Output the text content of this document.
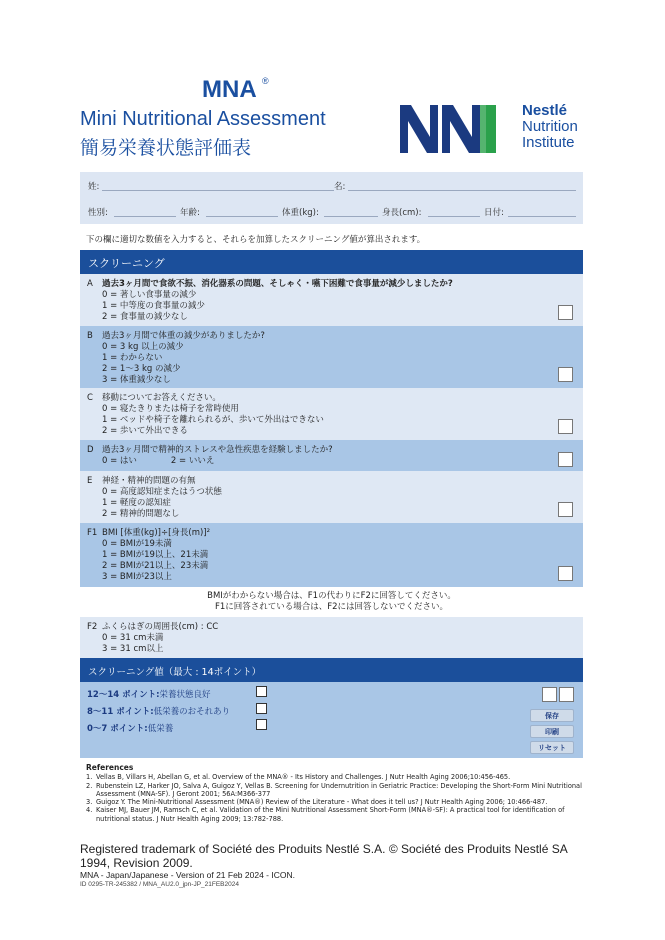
MNA ®
Mini Nutritional Assessment
簡易栄養状態評価表
Nestlé
Nutrition
Institute
姓:	名:
性別:	年齢:	体重(kg):	身長(cm):	日付:
下の欄に適切な数値を入力すると、それらを加算したスクリーニング値が算出されます。
スクリーニング
A 過去3ヶ月間で食欲不振、消化器系の問題、そしゃく・嚥下困難で食事量が減少しましたか?
0 = 著しい食事量の減少
1 = 中等度の食事量の減少
2 = 食事量の減少なし
B 過去3ヶ月間で体重の減少がありましたか?
0 = 3 kg 以上の減少
1 = わからない
2 = 1〜3 kg の減少
3 = 体重減少なし
C 移動についてお答えください。
0 = 寝たきりまたは椅子を常時使用
1 = ベッドや椅子を離れられるが、歩いて外出はできない
2 = 歩いて外出できる
D 過去3ヶ月間で精神的ストレスや急性疾患を経験しましたか?
0 = はい　　　　2 = いいえ
E 神経・精神的問題の有無
0 = 高度認知症またはうつ状態
1 = 軽度の認知症
2 = 精神的問題なし
F1 BMI [体重(kg)]÷[身長(m)]²
0 = BMIが19未満
1 = BMIが19以上、21未満
2 = BMIが21以上、23未満
3 = BMIが23以上
BMIがわからない場合は、F1の代わりにF2に回答してください。
F1に回答されている場合は、F2には回答しないでください。
F2 ふくらはぎの周囲長(cm) : CC
0 = 31 cm未満
3 = 31 cm以上
スクリーニング値（最大 : 14ポイント）
12〜14 ポイント:栄養状態良好
8〜11 ポイント:低栄養のおそれあり
0〜7 ポイント:低栄養
保存
印刷
リセット
References
1. Vellas B, Villars H, Abellan G, et al. Overview of the MNA® - Its History and Challenges. J Nutr Health Aging 2006;10:456-465.
2. Rubenstein LZ, Harker JO, Salva A, Guigoz Y, Vellas B. Screening for Undernutrition in Geriatric Practice: Developing the Short-Form Mini Nutritional Assessment (MNA-SF). J Geront 2001; 56A:M366-377
3. Guigoz Y. The Mini-Nutritional Assessment (MNA®) Review of the Literature - What does it tell us? J Nutr Health Aging 2006; 10:466-487.
4. Kaiser MJ, Bauer JM, Ramsch C, et al. Validation of the Mini Nutritional Assessment Short-Form (MNA®-SF): A practical tool for identification of nutritional status. J Nutr Health Aging 2009; 13:782-788.
Registered trademark of Société des Produits Nestlé S.A. © Société des Produits Nestlé SA 1994, Revision 2009.
MNA - Japan/Japanese - Version of 21 Feb 2024 - ICON.
ID 0295-TR-245382 / MNA_AU2.0_jpn-JP_21FEB2024
